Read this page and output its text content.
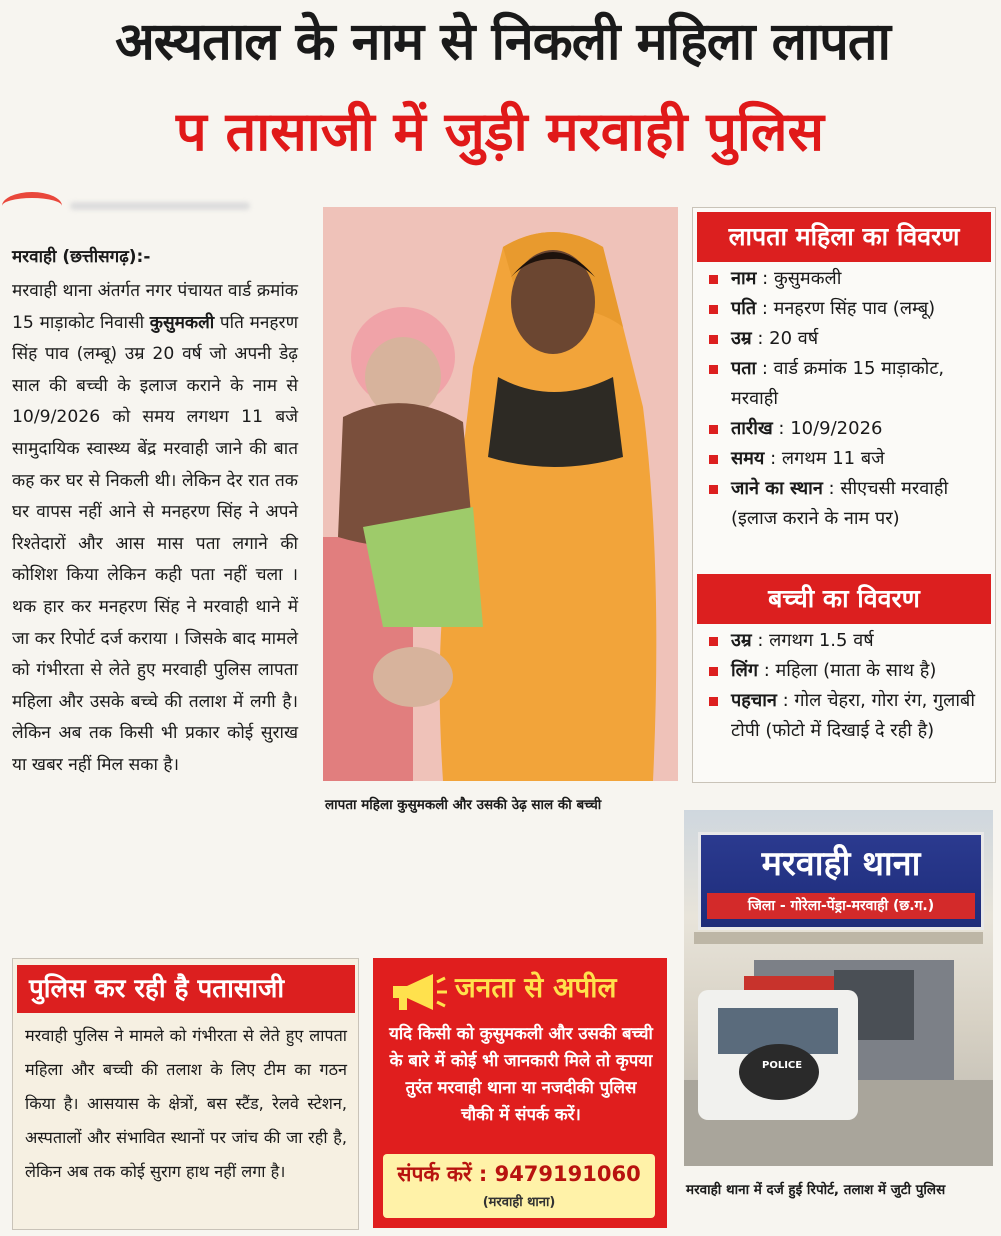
अस्यताल के नाम से निकली महिला लापता
प तासाजी में जुड़ी मरवाही पुलिस
मरवाही (छत्तीसगढ़):-
मरवाही थाना अंतर्गत नगर पंचायत वार्ड क्रमांक 15 माड़ाकोट निवासी कुसुमकली पति मनहरण सिंह पाव (लम्बू) उम्र 20 वर्ष जो अपनी डेढ़ साल की बच्ची के इलाज कराने के नाम से 10/9/2026 को समय लगथग 11 बजे सामुदायिक स्वास्थ्य बेंद्र मरवाही जाने की बात कह कर घर से निकली थी। लेकिन देर रात तक घर वापस नहीं आने से मनहरण सिंह ने अपने रिश्तेदारों और आस मास पता लगाने की कोशिश किया लेकिन कही पता नहीं चला । थक हार कर मनहरण सिंह ने मरवाही थाने में जा कर रिपोर्ट दर्ज कराया । जिसके बाद मामले को गंभीरता से लेते हुए मरवाही पुलिस लापता महिला और उसके बच्चे की तलाश में लगी है। लेकिन अब तक किसी भी प्रकार कोई सुराख या खबर नहीं मिल सका है।
लापता महिला कुसुमकली और उसकी उेढ़ साल की बच्ची
लापता महिला का विवरण
नाम : कुसुमकली
पति : मनहरण सिंह पाव (लम्बू)
उम्र : 20 वर्ष
पता : वार्ड क्रमांक 15 माड़ाकोट, मरवाही
तारीख : 10/9/2026
समय : लगथम 11 बजे
जाने का स्थान : सीएचसी मरवाही (इलाज कराने के नाम पर)
बच्ची का विवरण
उम्र : लगथग 1.5 वर्ष
लिंग : महिला (माता के साथ है)
पहचान : गोल चेहरा, गोरा रंग, गुलाबी टोपी (फोटो में दिखाई दे रही है)
मरवाही थाना
जिला - गोरेला-पेंड्रा-मरवाही (छ.ग.)
POLICE
मरवाही थाना में दर्ज हुई रिपोर्ट, तलाश में जुटी पुलिस
पुलिस कर रही है पतासाजी
मरवाही पुलिस ने मामले को गंभीरता से लेते हुए लापता महिला और बच्ची की तलाश के लिए टीम का गठन किया है। आसयास के क्षेत्रों, बस स्टैंड, रेलवे स्टेशन, अस्पतालों और संभावित स्थानों पर जांच की जा रही है, लेकिन अब तक कोई सुराग हाथ नहीं लगा है।
जनता से अपील
यदि किसी को कुसुमकली और उसकी बच्ची के बारे में कोई भी जानकारी मिले तो कृपया तुरंत मरवाही थाना या नजदीकी पुलिस चौकी में संपर्क करें।
संपर्क करें : 9479191060
(मरवाही थाना)
